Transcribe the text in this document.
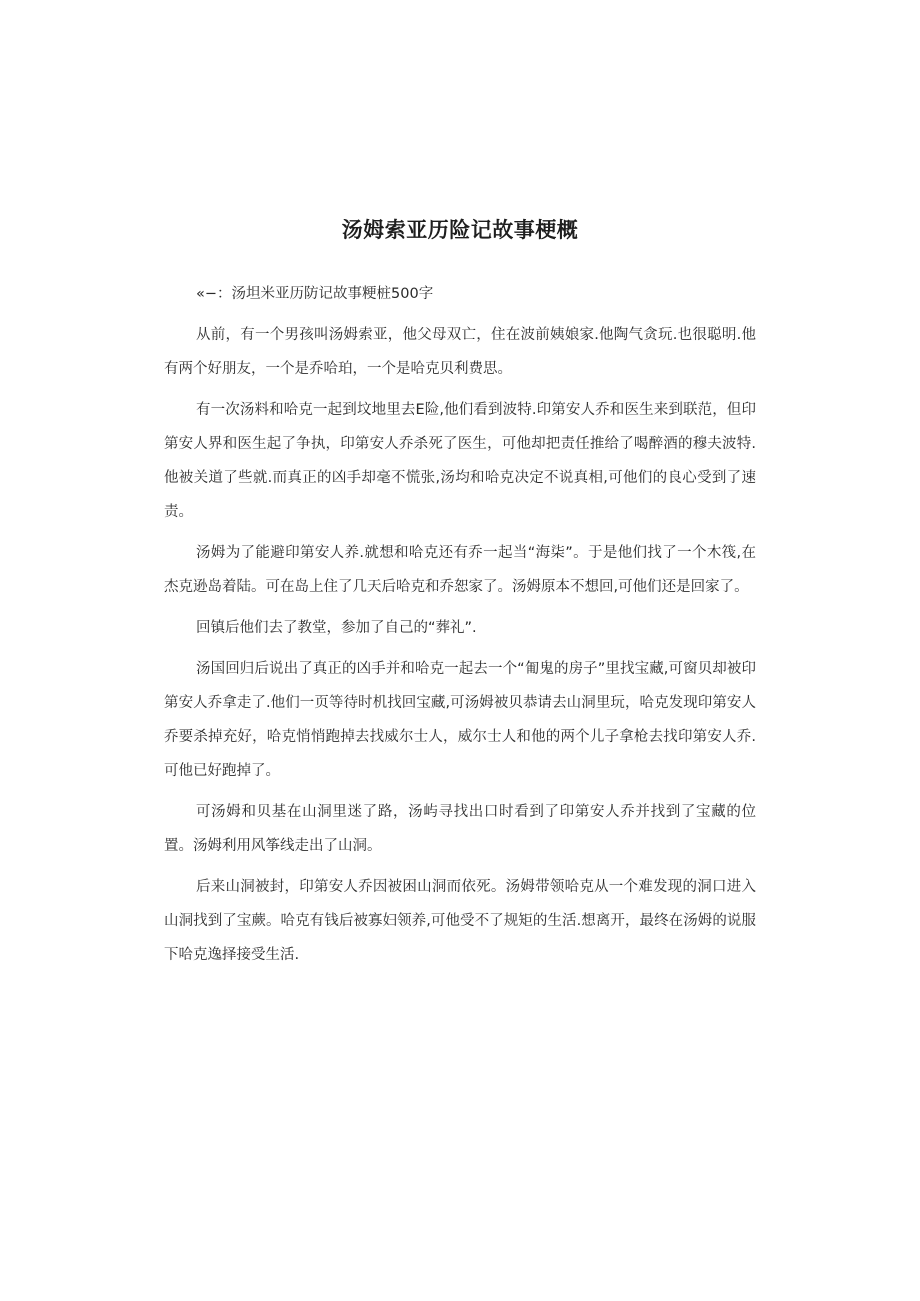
汤姆索亚历险记故事梗概

«−：汤坦米亚历防记故事粳桩500字

从前，有一个男孩叫汤姆索亚，他父母双亡，住在波前姨娘家.他陶气贪玩.也很聪明.他有两个好朋友，一个是乔哈珀，一个是哈克贝利费思。

有一次汤料和哈克一起到坟地里去E险,他们看到波特.印第安人乔和医生来到联范，但印第安人界和医生起了争执，印第安人乔杀死了医生，可他却把责任推给了喝醉酒的穆夫波特.他被关道了些就.而真正的凶手却毫不慌张,汤均和哈克决定不说真相,可他们的良心受到了速责。

汤姆为了能避印第安人养.就想和哈克还有乔一起当“海柒”。于是他们找了一个木筏,在杰克逊岛着陆。可在岛上住了几天后哈克和乔恕家了。汤姆原本不想回,可他们还是回家了。

回镇后他们去了教堂，参加了自己的“葬礼”.

汤国回归后说出了真正的凶手并和哈克一起去一个“匍鬼的房子”里找宝藏,可窗贝却被印第安人乔拿走了.他们一页等待时机找回宝藏,可汤姆被贝恭请去山洞里玩，哈克发现印第安人乔要杀掉充好，哈克悄悄跑掉去找威尔士人，威尔士人和他的两个儿子拿枪去找印第安人乔.可他已好跑掉了。

可汤姆和贝基在山洞里迷了路，汤屿寻找出口时看到了印第安人乔并找到了宝藏的位置。汤姆利用风筝线走出了山洞。

后来山洞被封，印第安人乔因被困山洞而依死。汤姆带领哈克从一个难发现的洞口进入山洞找到了宝蕨。哈克有钱后被寡妇领养,可他受不了规矩的生活.想离开，最终在汤姆的说服下哈克逸择接受生活.
